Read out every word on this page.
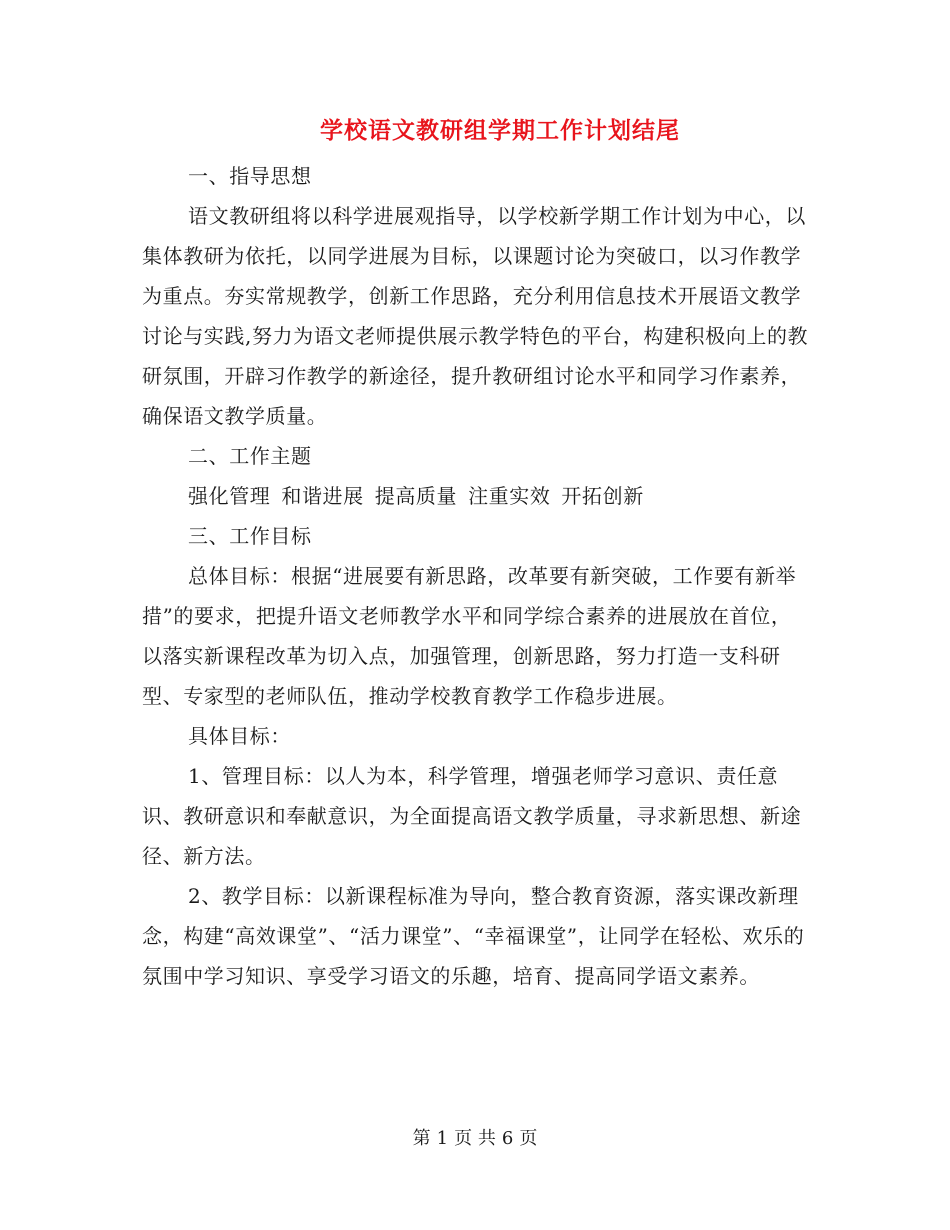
学校语文教研组学期工作计划结尾

一、指导思想

语文教研组将以科学进展观指导，以学校新学期工作计划为中心，以集体教研为依托，以同学进展为目标，以课题讨论为突破口，以习作教学为重点。夯实常规教学，创新工作思路，充分利用信息技术开展语文教学讨论与实践,努力为语文老师提供展示教学特色的平台，构建积极向上的教研氛围，开辟习作教学的新途径，提升教研组讨论水平和同学习作素养，确保语文教学质量。

二、工作主题

强化管理 和谐进展 提高质量 注重实效 开拓创新

三、工作目标

总体目标：根据“进展要有新思路，改革要有新突破，工作要有新举措”的要求，把提升语文老师教学水平和同学综合素养的进展放在首位，以落实新课程改革为切入点，加强管理，创新思路，努力打造一支科研型、专家型的老师队伍，推动学校教育教学工作稳步进展。

具体目标：

1、管理目标：以人为本，科学管理，增强老师学习意识、责任意识、教研意识和奉献意识，为全面提高语文教学质量，寻求新思想、新途径、新方法。

2、教学目标：以新课程标准为导向，整合教育资源，落实课改新理念，构建“高效课堂”、“活力课堂”、“幸福课堂”，让同学在轻松、欢乐的氛围中学习知识、享受学习语文的乐趣，培育、提高同学语文素养。

第 1 页 共 6 页
